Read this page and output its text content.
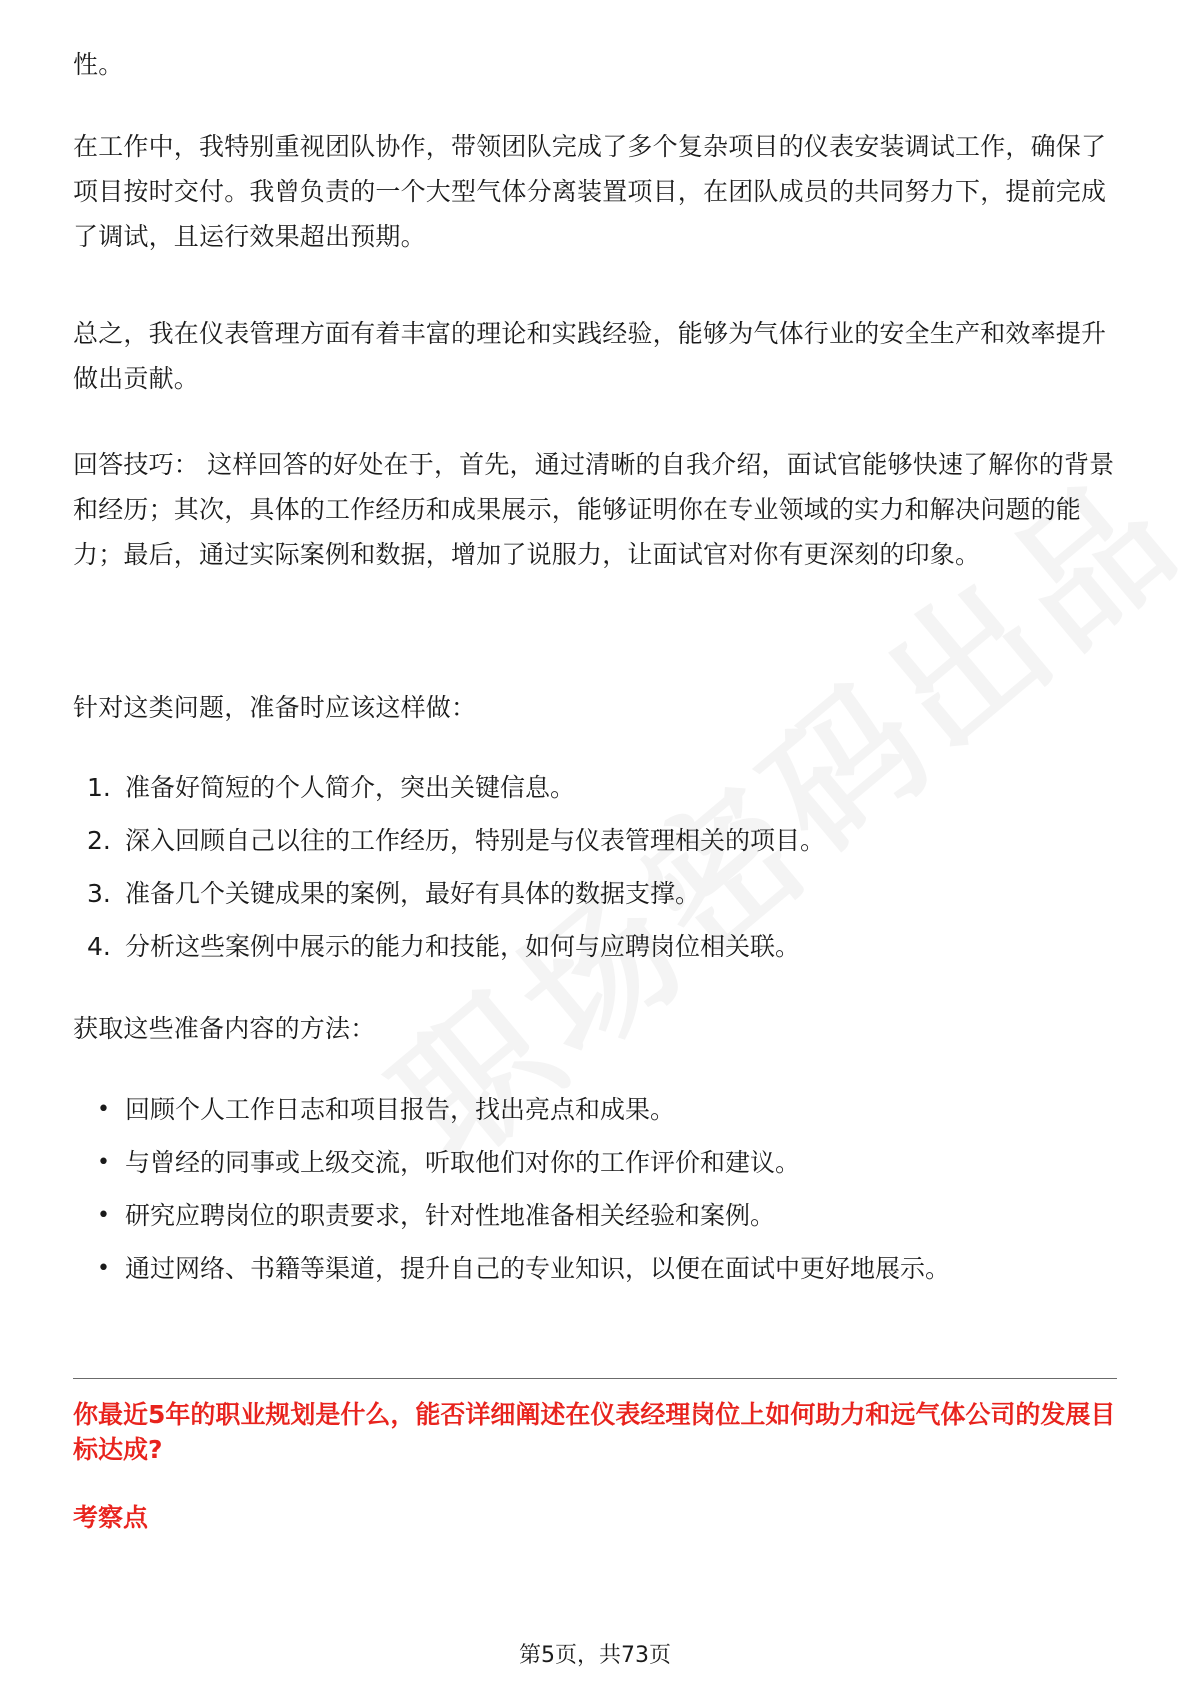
性。

在工作中，我特别重视团队协作，带领团队完成了多个复杂项目的仪表安装调试工作，确保了项目按时交付。我曾负责的一个大型气体分离装置项目，在团队成员的共同努力下，提前完成了调试，且运行效果超出预期。

总之，我在仪表管理方面有着丰富的理论和实践经验，能够为气体行业的安全生产和效率提升做出贡献。

回答技巧： 这样回答的好处在于，首先，通过清晰的自我介绍，面试官能够快速了解你的背景和经历；其次，具体的工作经历和成果展示，能够证明你在专业领域的实力和解决问题的能力；最后，通过实际案例和数据，增加了说服力，让面试官对你有更深刻的印象。

针对这类问题，准备时应该这样做：

1. 准备好简短的个人简介，突出关键信息。
2. 深入回顾自己以往的工作经历，特别是与仪表管理相关的项目。
3. 准备几个关键成果的案例，最好有具体的数据支撑。
4. 分析这些案例中展示的能力和技能，如何与应聘岗位相关联。

获取这些准备内容的方法：

• 回顾个人工作日志和项目报告，找出亮点和成果。
• 与曾经的同事或上级交流，听取他们对你的工作评价和建议。
• 研究应聘岗位的职责要求，针对性地准备相关经验和案例。
• 通过网络、书籍等渠道，提升自己的专业知识，以便在面试中更好地展示。
你最近5年的职业规划是什么，能否详细阐述在仪表经理岗位上如何助力和远气体公司的发展目标达成?
考察点
第5页，共73页
